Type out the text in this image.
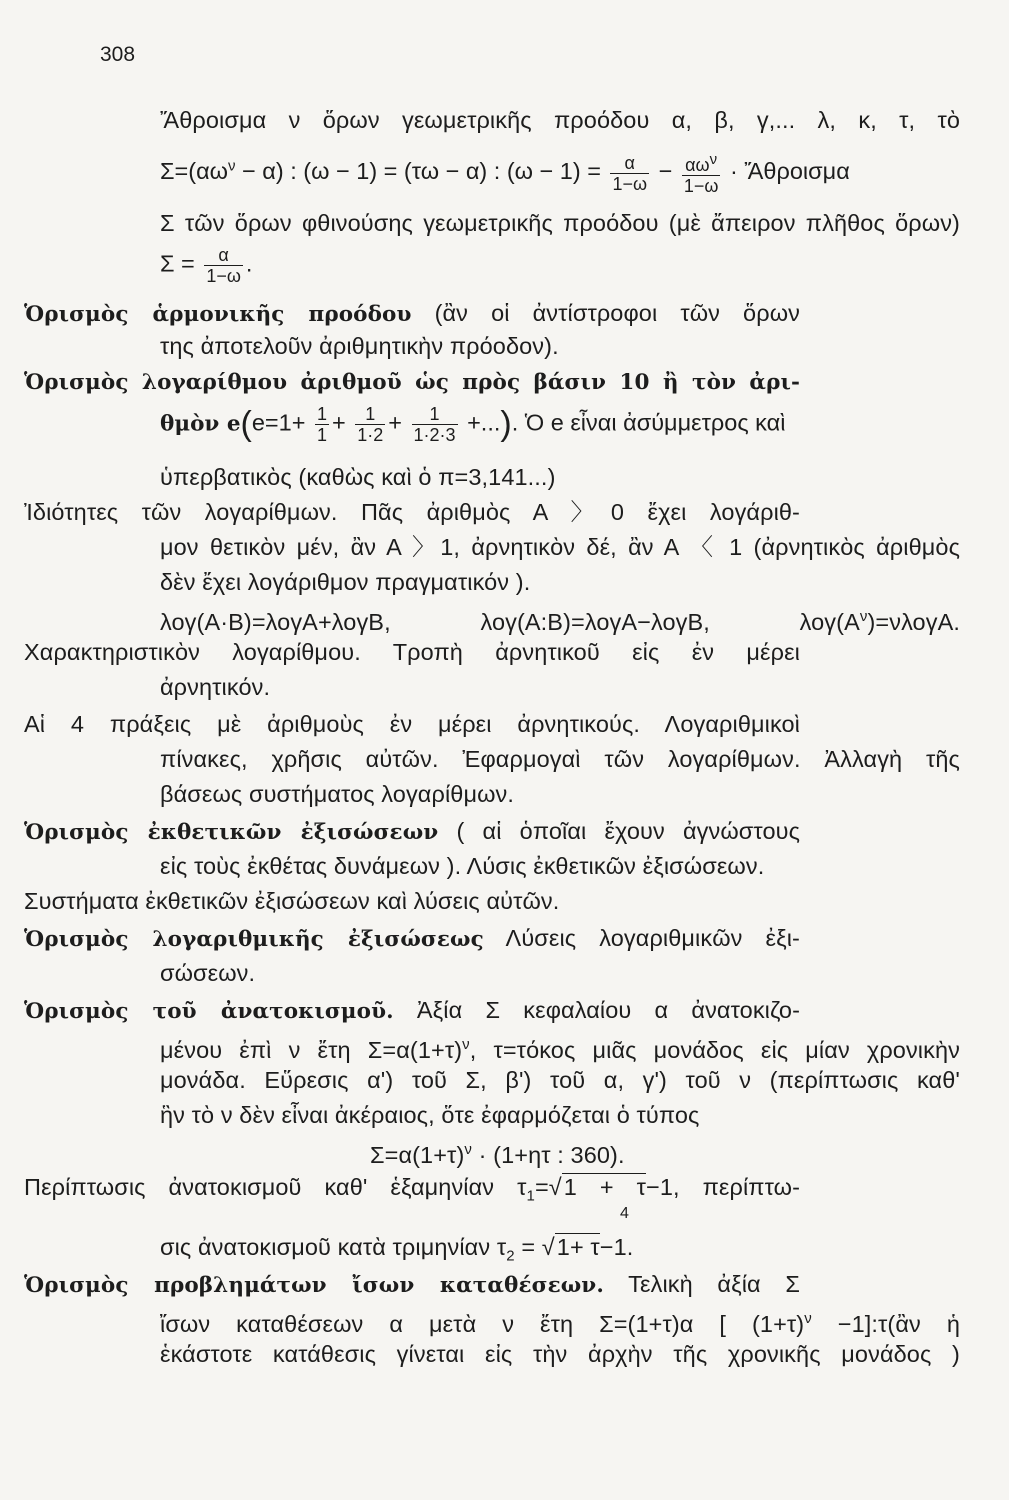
308
Ἄθροισμα ν ὅρων γεωμετρικῆς προόδου α, β, γ,... λ, κ, τ, τὸ
$\Sigma=(\alpha\omega^\nu - \alpha)$ : (ω − 1) = (τω − α) : $(\omega - 1) = \frac{\alpha}{1-\omega} - \frac{\alpha\omega^\nu}{1-\omega}$ · Ἄθροισμα
Σ τῶν ὅρων φθινούσης γεωμετρικῆς προόδου (μὲ ἄπειρον πλῆθος ὅρων)
$\Sigma = \frac{\alpha}{1-\omega}$ .
Ὁρισμὸς ἁρμονικῆς προόδου (ἂν οἱ ἀντίστροφοι τῶν ὅρων
της ἀποτελοῦν ἀριθμητικὴν πρόοδον).
Ὁρισμὸς λογαρίθμου ἀριθμοῦ ὡς πρὸς βάσιν 10 ἢ τὸν ἀρι-
θμὸν $e(e=1+ \frac{1}{1} + \frac{1}{1\cdot 2} + \frac{1}{1\cdot 2\cdot 3}$ +...). Ὁ e εἶναι ἀσύμμετρος καὶ
ὑπερβατικὸς (καθὼς καὶ ὁ π=3,141...)
Ἰδιότητες τῶν λογαρίθμων. Πᾶς ἀριθμὸς Α 〉0 ἔχει λογάριθ-
μον θετικὸν μέν, ἂν Α 〉1, ἀρνητικὸν δέ, ἂν Α 〈 1 (ἀρνητικὸς ἀριθμὸς
δὲν ἔχει λογάριθμον πραγματικόν ).
λογ(Α·Β)=λογΑ+λογΒ, λογ(Α:Β)=λογΑ−λογΒ, $\lambda o\gamma(A^\nu)=\nu\lambda o\gamma A$.
Χαρακτηριστικὸν λογαρίθμου. Τροπὴ ἀρνητικοῦ εἰς ἐν μέρει
ἀρνητικόν.
Αἱ 4 πράξεις μὲ ἀριθμοὺς ἐν μέρει ἀρνητικούς. Λογαριθμικοὶ
πίνακες, χρῆσις αὐτῶν. Ἐφαρμογαὶ τῶν λογαρίθμων. Ἀλλαγὴ τῆς
βάσεως συστήματος λογαρίθμων.
Ὁρισμὸς ἐκθετικῶν ἐξισώσεων ( αἱ ὁποῖαι ἔχουν ἀγνώστους
εἰς τοὺς ἐκθέτας δυνάμεων ). Λύσις ἐκθετικῶν ἐξισώσεων.
Συστήματα ἐκθετικῶν ἐξισώσεων καὶ λύσεις αὐτῶν.
Ὁρισμὸς λογαριθμικῆς ἐξισώσεως Λύσεις λογαριθμικῶν ἐξι-
σώσεων.
Ὁρισμὸς τοῦ ἀνατοκισμοῦ. Ἀξία Σ κεφαλαίου α ἀνατοκιζο-
μένου ἐπὶ ν ἔτη $\Sigma=\alpha(1+\tau)^\nu$, τ=τόκος μιᾶς μονάδος εἰς μίαν χρονικὴν
μονάδα. Εὕρεσις α') τοῦ Σ, β') τοῦ α, γ') τοῦ ν (περίπτωσις καθ'
ἣν τὸ ν δὲν εἶναι ἀκέραιος, ὅτε ἐφαρμόζεται ὁ τύπος
$\Sigma=\alpha(1+\tau)^\nu \cdot (1+\eta\tau$ : 360).
Περίπτωσις ἀνατοκισμοῦ καθ' ἑξαμηνίαν $\tau_1=√1 + \tau-1$, περίπτω-
4
σις ἀνατοκισμοῦ κατὰ τριμηνίαν $\tau_2 = √1+ \tau-1$.
Ὁρισμὸς προβλημάτων ἴσων καταθέσεων. Τελικὴ ἀξία Σ
ἴσων καταθέσεων α μετὰ ν ἔτη Σ=(1+τ)α [ $(1+\tau)^\nu$ −1]:τ(ἂν ἡ
ἑκάστοτε κατάθεσις γίνεται εἰς τὴν ἀρχὴν τῆς χρονικῆς μονάδος )
